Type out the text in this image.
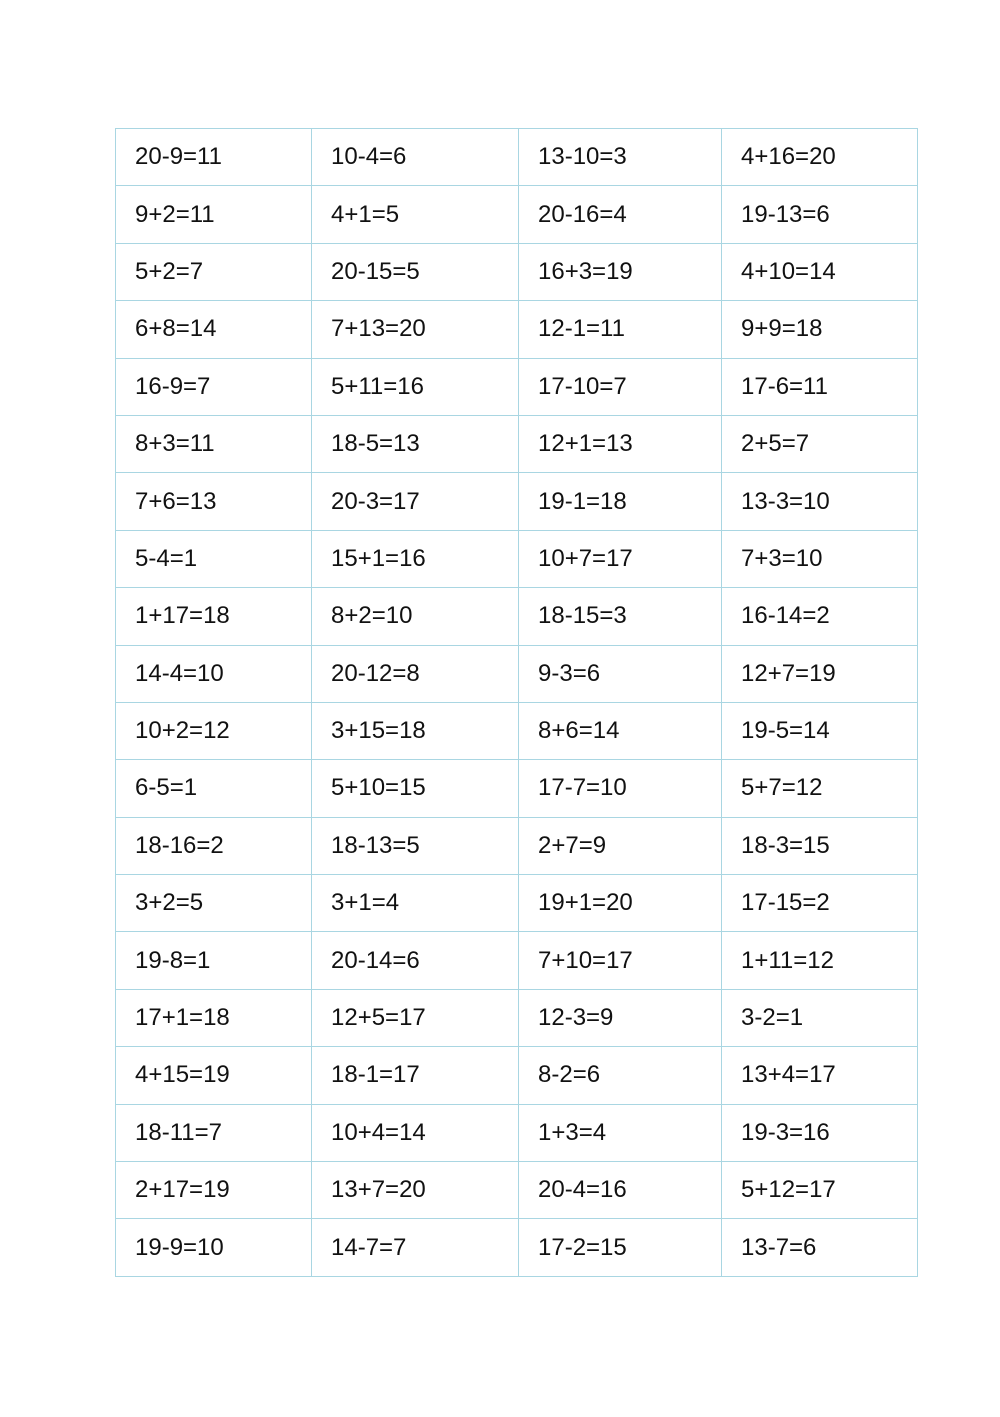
20-9=11	10-4=6	13-10=3	4+16=20
9+2=11	4+1=5	20-16=4	19-13=6
5+2=7	20-15=5	16+3=19	4+10=14
6+8=14	7+13=20	12-1=11	9+9=18
16-9=7	5+11=16	17-10=7	17-6=11
8+3=11	18-5=13	12+1=13	2+5=7
7+6=13	20-3=17	19-1=18	13-3=10
5-4=1	15+1=16	10+7=17	7+3=10
1+17=18	8+2=10	18-15=3	16-14=2
14-4=10	20-12=8	9-3=6	12+7=19
10+2=12	3+15=18	8+6=14	19-5=14
6-5=1	5+10=15	17-7=10	5+7=12
18-16=2	18-13=5	2+7=9	18-3=15
3+2=5	3+1=4	19+1=20	17-15=2
19-8=1	20-14=6	7+10=17	1+11=12
17+1=18	12+5=17	12-3=9	3-2=1
4+15=19	18-1=17	8-2=6	13+4=17
18-11=7	10+4=14	1+3=4	19-3=16
2+17=19	13+7=20	20-4=16	5+12=17
19-9=10	14-7=7	17-2=15	13-7=6
